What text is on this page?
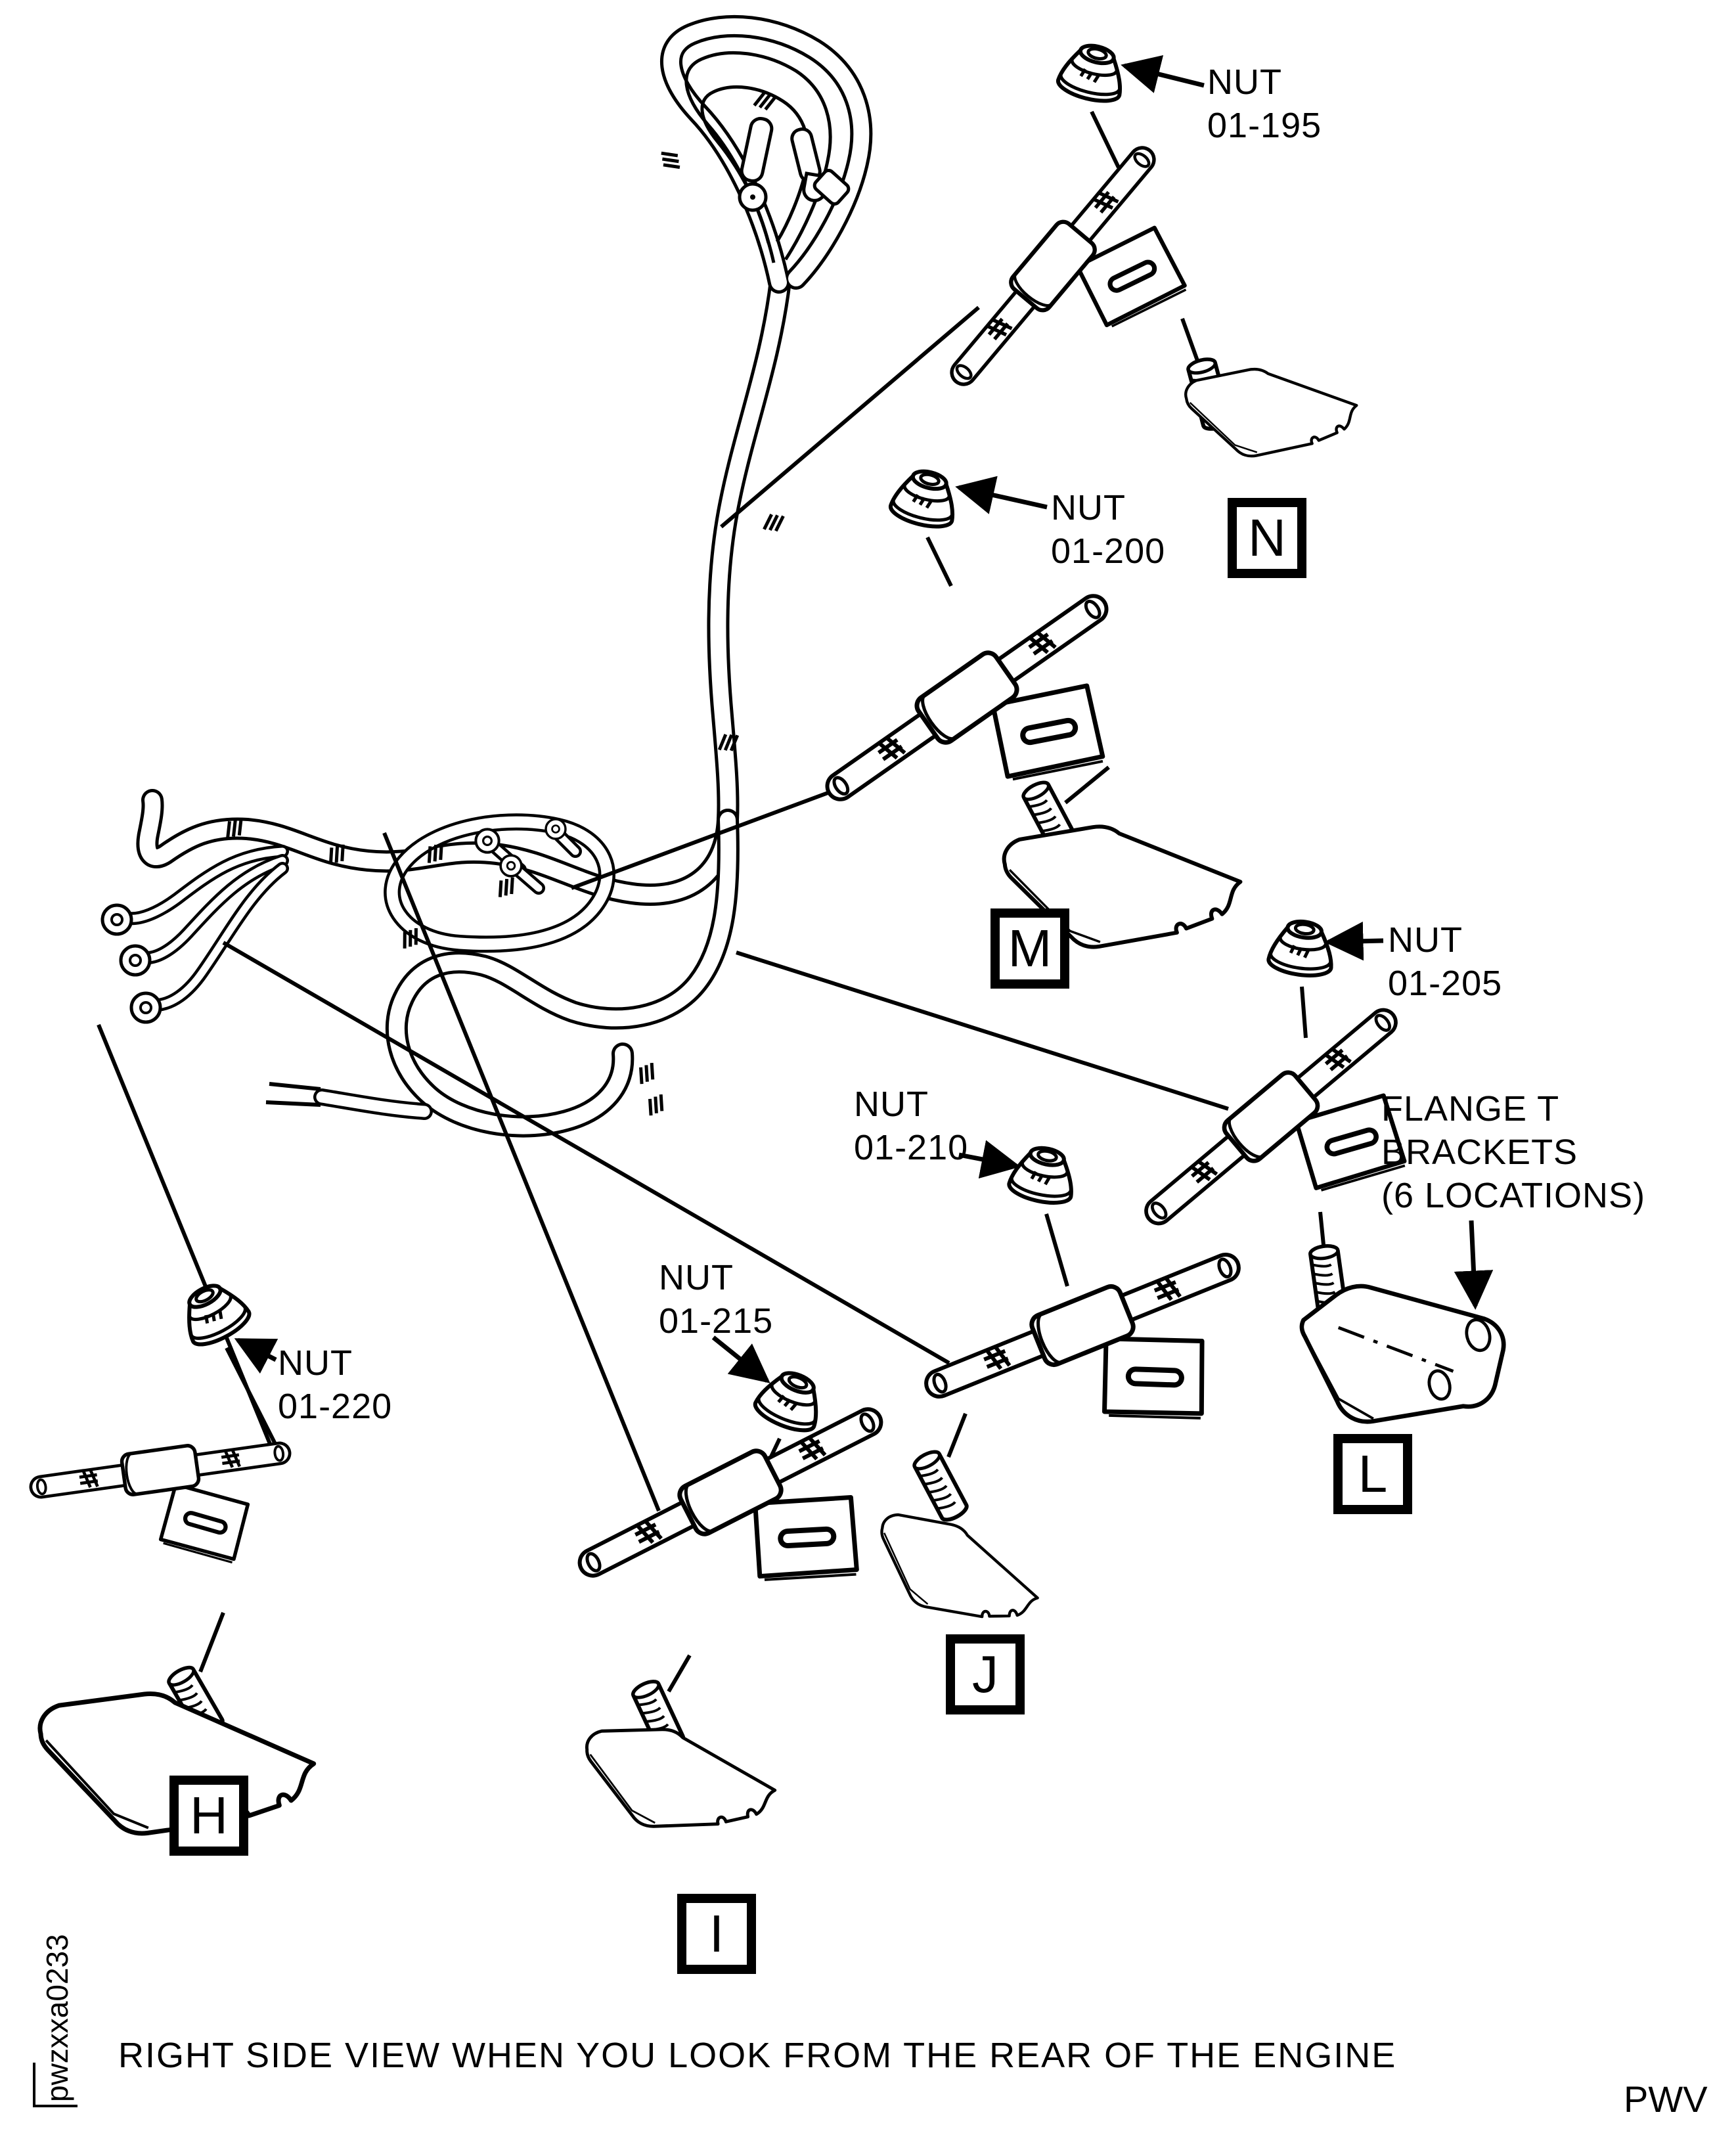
NUT
01-195
NUT
01-200
NUT
01-205
FLANGE T
BRACKETS
(6 LOCATIONS)
NUT
01-210
NUT
01-215
NUT
01-220
H
I
J
L
M
N
RIGHT SIDE VIEW WHEN YOU LOOK FROM THE REAR OF THE ENGINE
PWV
pwzxxa0233
